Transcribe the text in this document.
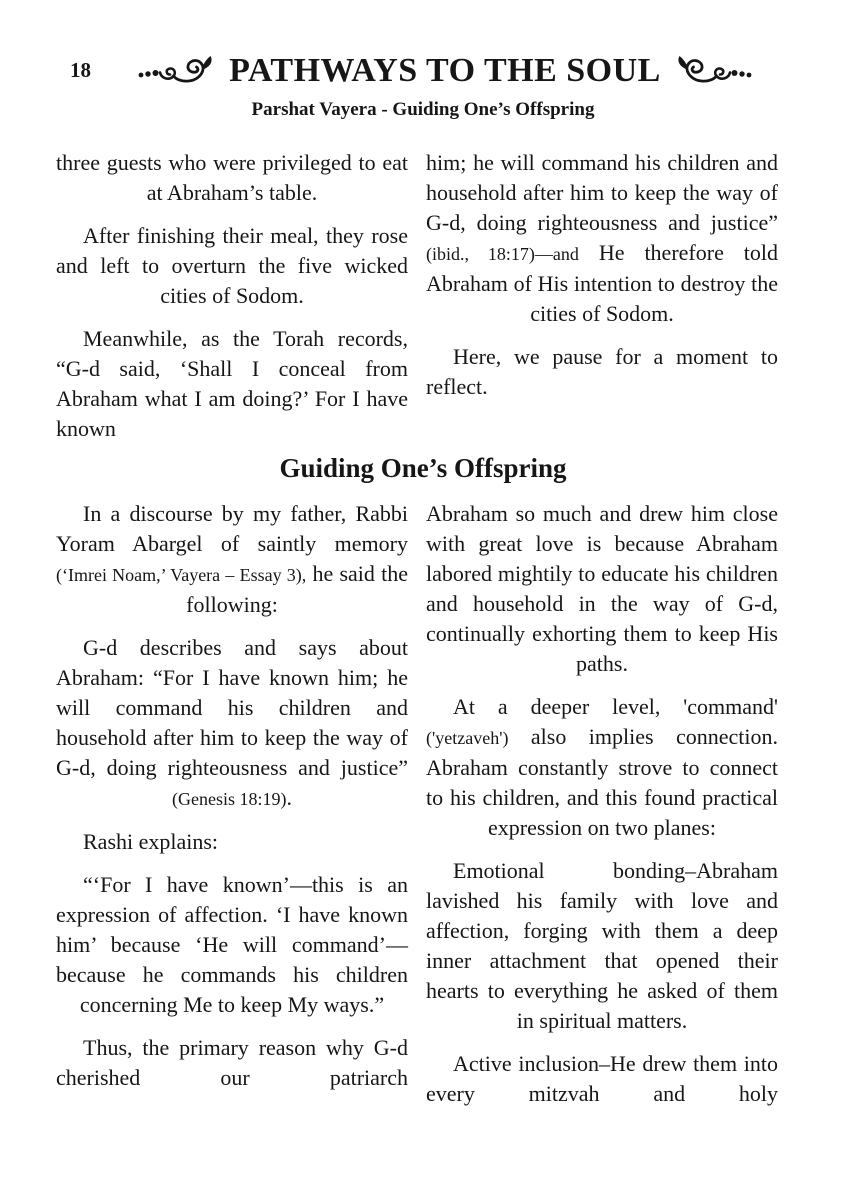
18	PATHWAYS TO THE SOUL
Parshat Vayera - Guiding One’s Offspring

three guests who were privileged to eat at Abraham’s table.

After finishing their meal, they rose and left to overturn the five wicked cities of Sodom.

Meanwhile, as the Torah records, “G-d said, ‘Shall I conceal from Abraham what I am doing?’ For I have known

him; he will command his children and household after him to keep the way of G-d, doing righteousness and justice” (ibid., 18:17)—and He therefore told Abraham of His intention to destroy the cities of Sodom.

Here, we pause for a moment to reflect.

Guiding One’s Offspring

In a discourse by my father, Rabbi Yoram Abargel of saintly memory (‘Imrei Noam,’ Vayera – Essay 3), he said the following:

G-d describes and says about Abraham: “For I have known him; he will command his children and household after him to keep the way of G-d, doing righteousness and justice” (Genesis 18:19).

Rashi explains:

“‘For I have known’—this is an expression of affection. ‘I have known him’ because ‘He will command’—because he commands his children concerning Me to keep My ways.”

Thus, the primary reason why G-d cherished our patriarch

Abraham so much and drew him close with great love is because Abraham labored mightily to educate his children and household in the way of G-d, continually exhorting them to keep His paths.

At a deeper level, 'command' ('yetzaveh') also implies connection. Abraham constantly strove to connect to his children, and this found practical expression on two planes:

Emotional bonding–Abraham lavished his family with love and affection, forging with them a deep inner attachment that opened their hearts to everything he asked of them in spiritual matters.

Active inclusion–He drew them into every mitzvah and holy
